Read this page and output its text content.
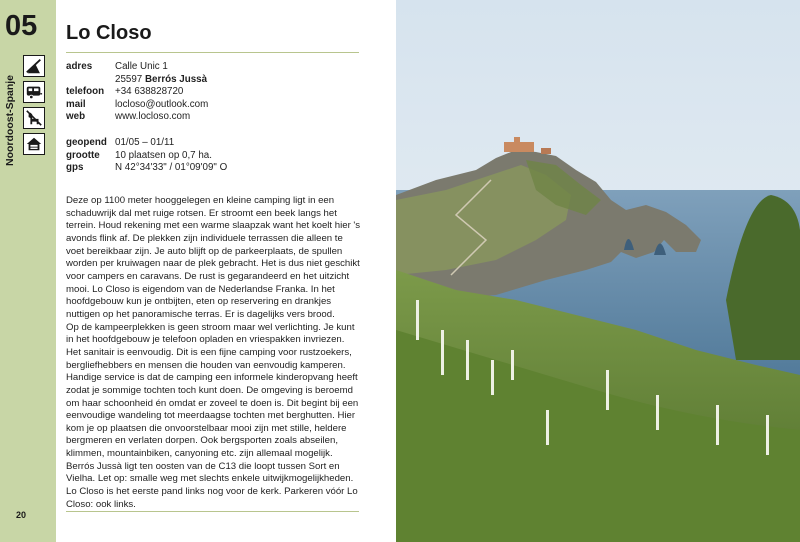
05
Noordoost-Spanje
20
Lo Closo
adres	Calle Unic 1
25597 Berrós Jussà
telefoon	+34 638828720
mail	locloso@outlook.com
web	www.locloso.com
geopend 01/05 – 01/11
grootte	10 plaatsen op 0,7 ha.
gps	N 42°34'33" / 01°09'09" O

Deze op 1100 meter hooggelegen en kleine camping ligt in een schaduwrijk dal met ruige rotsen. Er stroomt een beek langs het terrein. Houd rekening met een warme slaapzak want het koelt hier 's avonds flink af. De plekken zijn individuele terrassen die alleen te voet bereikbaar zijn. Je auto blijft op de parkeerplaats, de spullen worden per kruiwagen naar de plek gebracht. Het is dus niet geschikt voor campers en caravans. De rust is gegarandeerd en het uitzicht mooi. Lo Closo is eigendom van de Nederlandse Franka. In het hoofdgebouw kun je ontbijten, eten op reservering en drankjes nuttigen op het panoramische terras. Er is dagelijks vers brood.

Op de kampeerplekken is geen stroom maar wel verlichting. Je kunt in het hoofdgebouw je telefoon opladen en vriespakken invriezen. Het sanitair is eenvoudig. Dit is een fijne camping voor rustzoekers, bergliefhebbers en mensen die houden van eenvoudig kamperen. Handige service is dat de camping een informele kinderopvang heeft zodat je sommige tochten toch kunt doen. De omgeving is beroemd om haar schoonheid én omdat er zoveel te doen is. Dit begint bij een eenvoudige wandeling tot meerdaagse tochten met berghutten. Hier kom je op plaatsen die onvoorstelbaar mooi zijn met stille, heldere bergmeren en verlaten dorpen. Ook bergsporten zoals abseilen, klimmen, mountainbiken, canyoning etc. zijn allemaal mogelijk. Berrós Jussà ligt ten oosten van de C13 die loopt tussen Sort en Vielha. Let op: smalle weg met slechts enkele uitwijkmogelijkheden. Lo Closo is het eerste pand links nog voor de kerk. Parkeren vóór Lo Closo: ook links.
